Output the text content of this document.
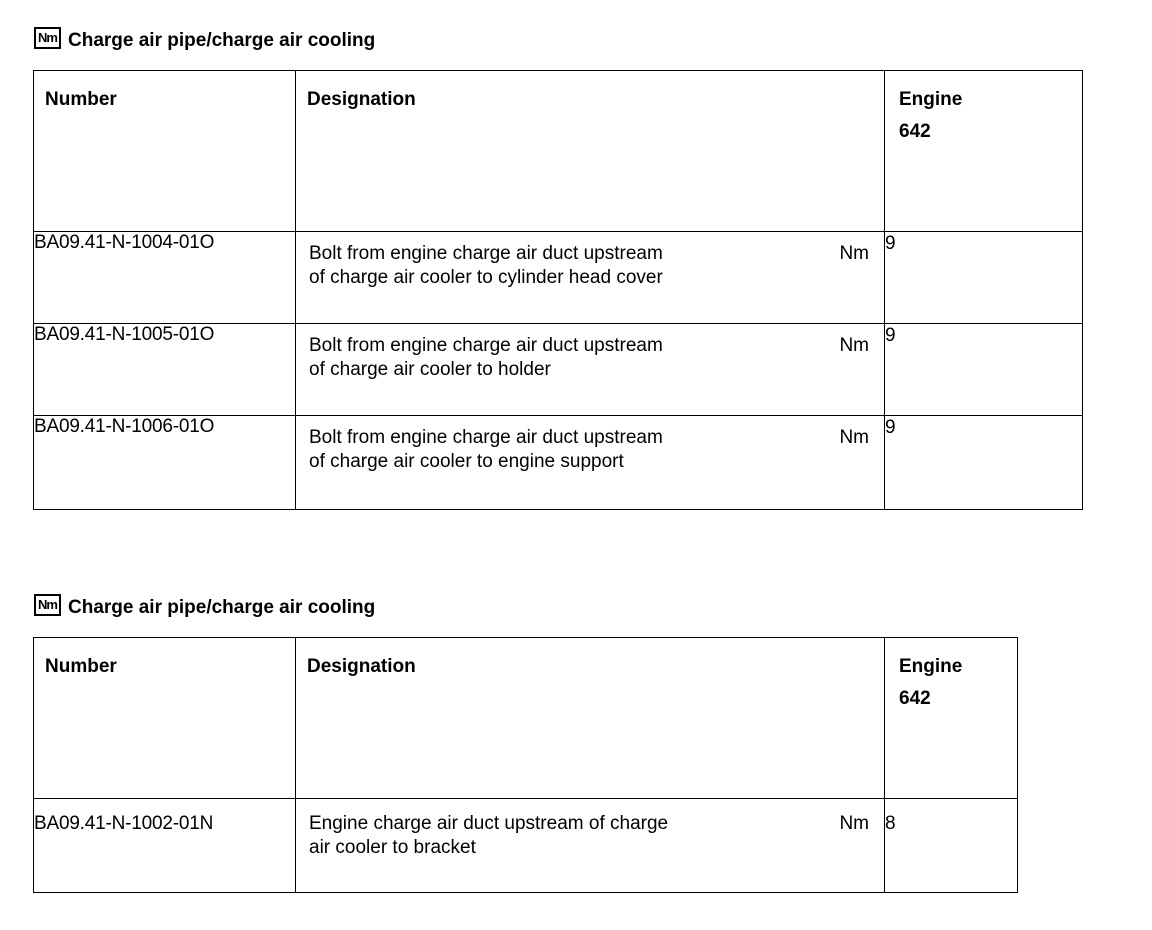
Nm Charge air pipe/charge air cooling
Number	Designation	Engine
642

BA09.41-N-1004-01O	Bolt from engine charge air duct upstream
of charge air cooler to cylinder head cover
Nm	9
BA09.41-N-1005-01O	Bolt from engine charge air duct upstream
of charge air cooler to holder
Nm	9
BA09.41-N-1006-01O	Bolt from engine charge air duct upstream
of charge air cooler to engine support
Nm	9
Nm Charge air pipe/charge air cooling
Number	Designation	Engine
642

BA09.41-N-1002-01N	Engine charge air duct upstream of charge
air cooler to bracket
Nm	8
